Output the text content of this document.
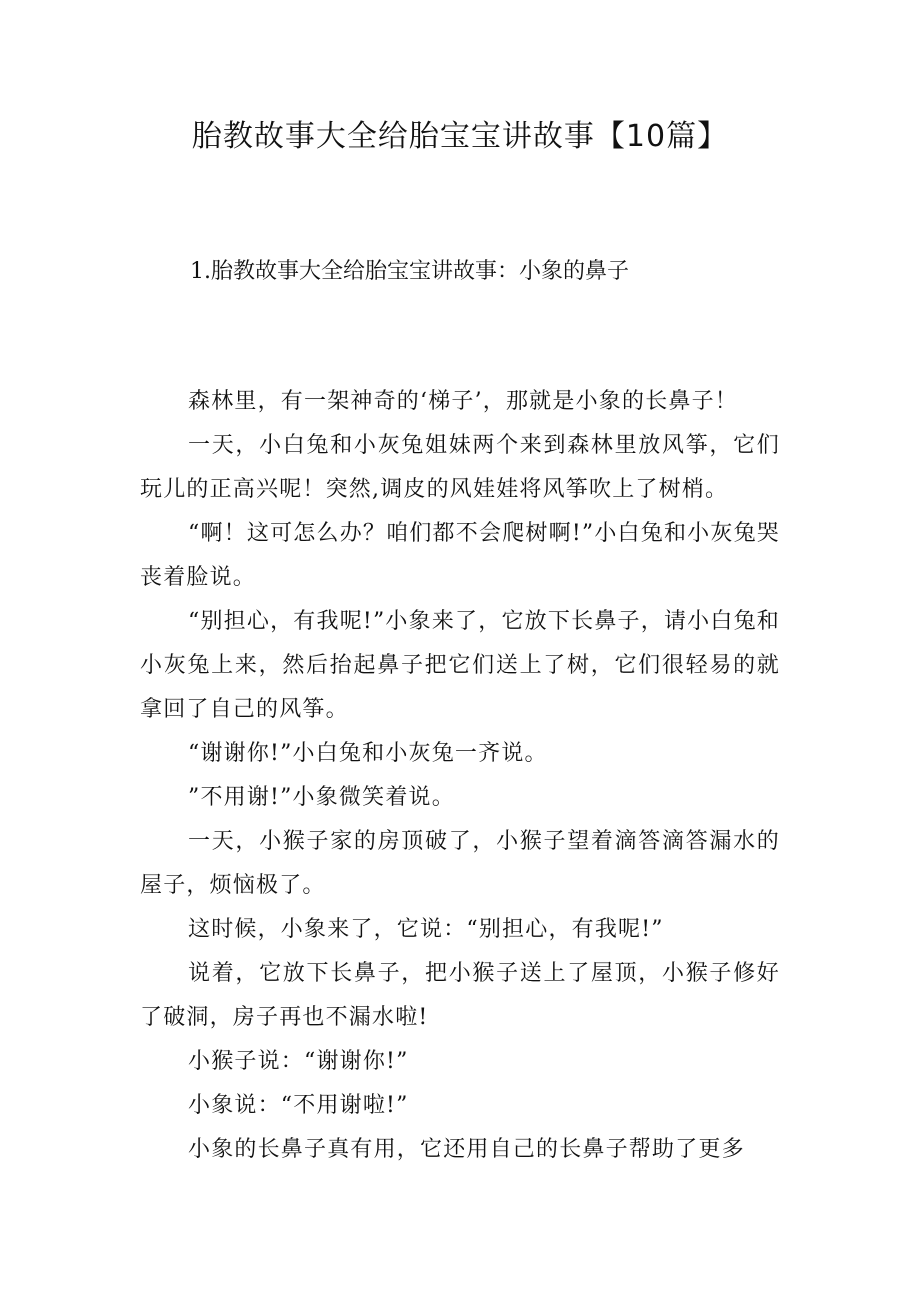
胎教故事大全给胎宝宝讲故事【10篇】
1.胎教故事大全给胎宝宝讲故事：小象的鼻子

森林里，有一架神奇的‘梯子’，那就是小象的长鼻子！

一天，小白兔和小灰兔姐妹两个来到森林里放风筝，它们玩儿的正高兴呢！突然,调皮的风娃娃将风筝吹上了树梢。

“啊！这可怎么办？咱们都不会爬树啊!”小白兔和小灰兔哭丧着脸说。

“别担心，有我呢!”小象来了，它放下长鼻子，请小白兔和小灰兔上来，然后抬起鼻子把它们送上了树，它们很轻易的就拿回了自己的风筝。

“谢谢你!”小白兔和小灰兔一齐说。

”不用谢!”小象微笑着说。

一天，小猴子家的房顶破了，小猴子望着滴答滴答漏水的屋子，烦恼极了。

这时候，小象来了，它说：“别担心，有我呢!”

说着，它放下长鼻子，把小猴子送上了屋顶，小猴子修好了破洞，房子再也不漏水啦!

小猴子说：“谢谢你!”

小象说：“不用谢啦!”

小象的长鼻子真有用，它还用自己的长鼻子帮助了更多
